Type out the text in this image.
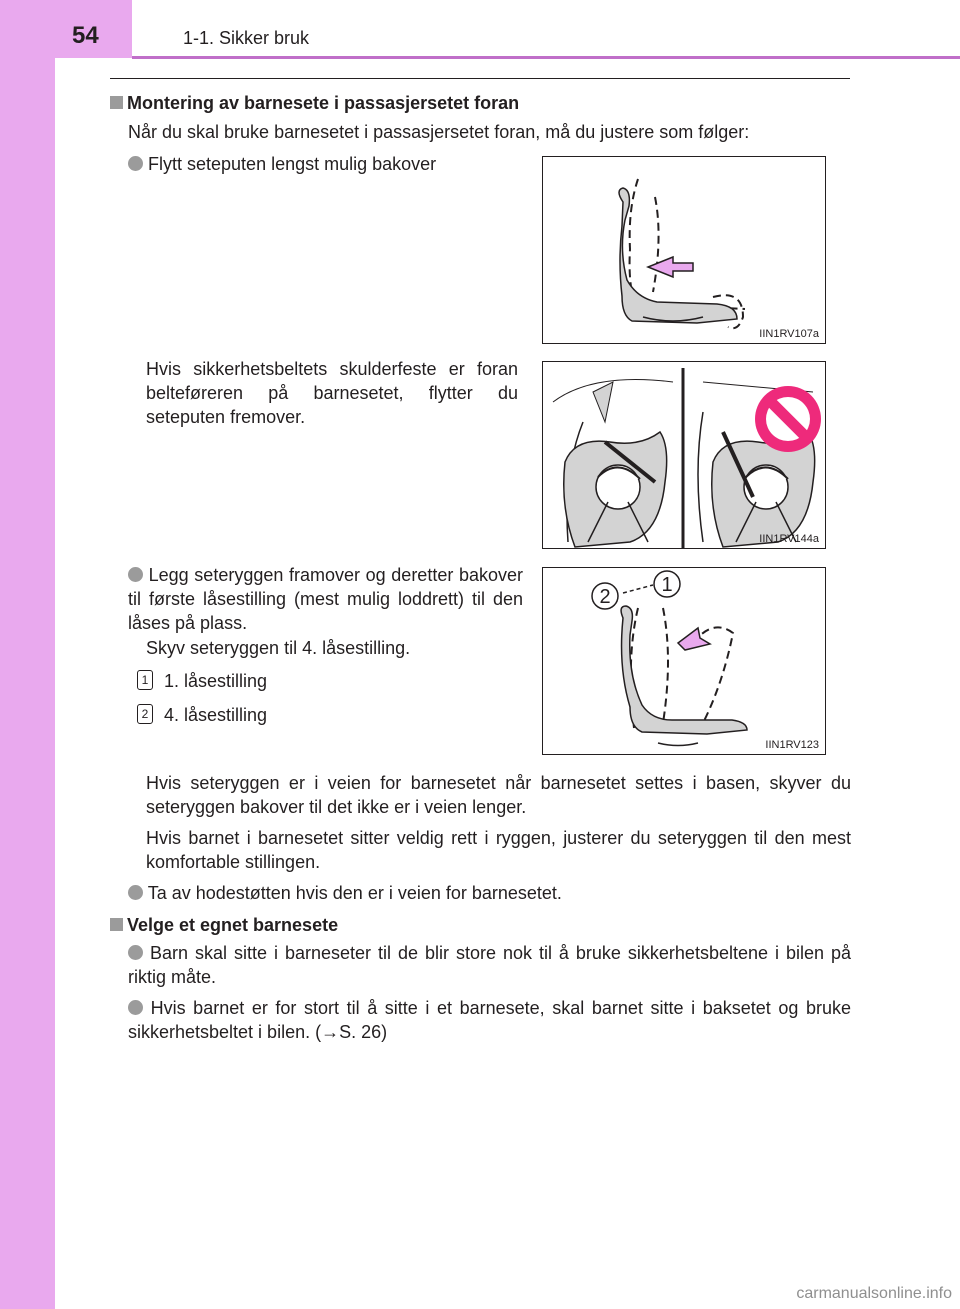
54	1-1. Sikker bruk
Montering av barnesete i passasjersetet foran
Når du skal bruke barnesetet i passasjersetet foran, må du justere som følger:
Flytt seteputen lengst mulig bakover
IIN1RV107a
Hvis sikkerhetsbeltets skulderfeste er foran belteføreren på barnesetet, flytter du seteputen fremover.
IIN1RV144a
Legg seteryggen framover og deretter bakover til første låsestilling (mest mulig loddrett) til den låses på plass.
Skyv seteryggen til 4. låsestilling.
1 1. låsestilling
2 4. låsestilling
2
1
IIN1RV123
Hvis seteryggen er i veien for barnesetet når barnesetet settes i basen, skyver du seteryggen bakover til det ikke er i veien lenger.
Hvis barnet i barnesetet sitter veldig rett i ryggen, justerer du seteryggen til den mest komfortable stillingen.
Ta av hodestøtten hvis den er i veien for barnesetet.
Velge et egnet barnesete
Barn skal sitte i barneseter til de blir store nok til å bruke sikkerhetsbeltene i bilen på riktig måte.
Hvis barnet er for stort til å sitte i et barnesete, skal barnet sitte i baksetet og bruke sikkerhetsbeltet i bilen. (→S. 26)
carmanualsonline.info
